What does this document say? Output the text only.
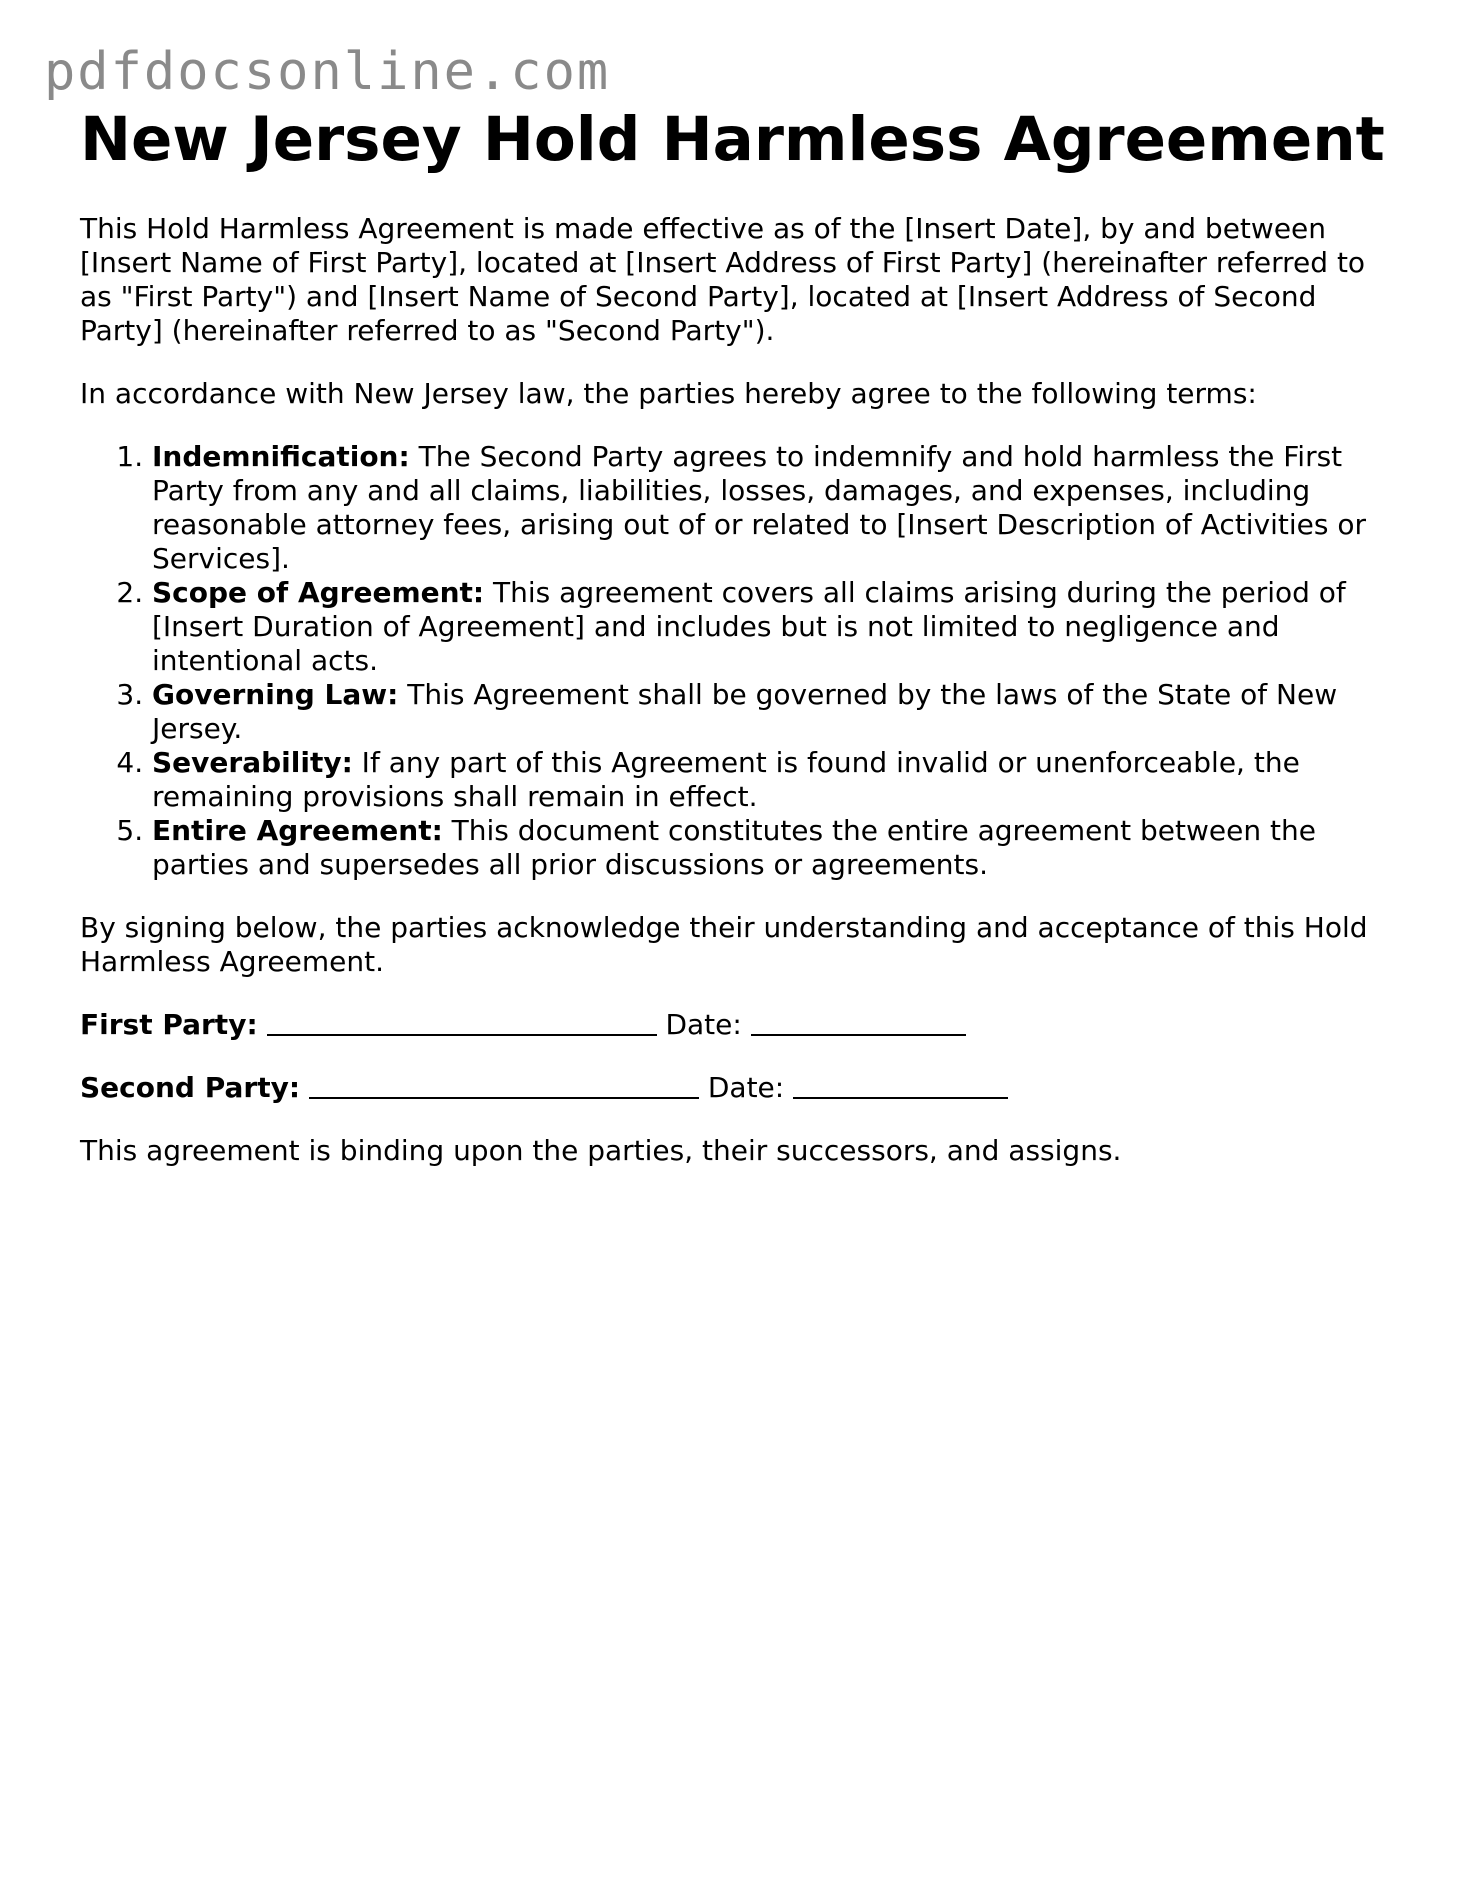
pdfdocsonline.com
New Jersey Hold Harmless Agreement

This Hold Harmless Agreement is made effective as of the [Insert Date], by and between [Insert Name of First Party], located at [Insert Address of First Party] (hereinafter referred to as "First Party") and [Insert Name of Second Party], located at [Insert Address of Second Party] (hereinafter referred to as "Second Party").

In accordance with New Jersey law, the parties hereby agree to the following terms:

1. Indemnification: The Second Party agrees to indemnify and hold harmless the First Party from any and all claims, liabilities, losses, damages, and expenses, including reasonable attorney fees, arising out of or related to [Insert Description of Activities or Services].
2. Scope of Agreement: This agreement covers all claims arising during the period of [Insert Duration of Agreement] and includes but is not limited to negligence and intentional acts.
3. Governing Law: This Agreement shall be governed by the laws of the State of New Jersey.
4. Severability: If any part of this Agreement is found invalid or unenforceable, the remaining provisions shall remain in effect.
5. Entire Agreement: This document constitutes the entire agreement between the parties and supersedes all prior discussions or agreements.

By signing below, the parties acknowledge their understanding and acceptance of this Hold Harmless Agreement.

First Party:	Date:

Second Party:	Date:

This agreement is binding upon the parties, their successors, and assigns.
